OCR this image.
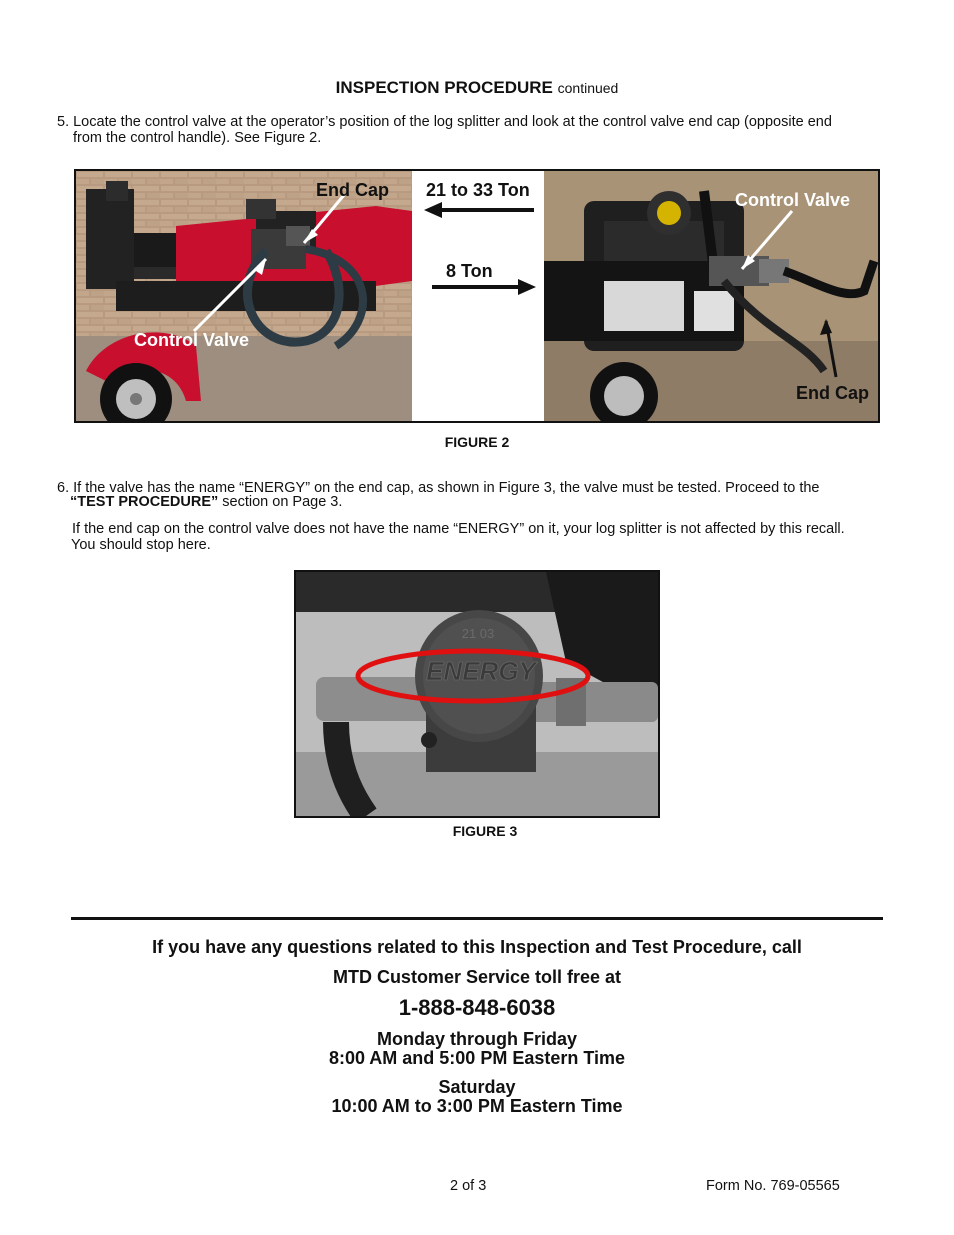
INSPECTION PROCEDURE continued
5. Locate the control valve at the operator’s position of the log splitter and look at the control valve end cap (opposite end
from the control handle). See Figure 2.
End Cap
Control Valve
21 to 33 Ton
8 Ton
Control Valve
End Cap
FIGURE 2
6. If the valve has the name “ENERGY” on the end cap, as shown in Figure 3, the valve must be tested. Proceed to the
“TEST PROCEDURE” section on Page 3.
If the end cap on the control valve does not have the name “ENERGY” on it, your log splitter is not affected by this recall.
You should stop here.
ENERGY
21 03
FIGURE 3
If you have any questions related to this Inspection and Test Procedure, call
MTD Customer Service toll free at
1-888-848-6038
Monday through Friday
8:00 AM and 5:00 PM Eastern Time
Saturday
10:00 AM to 3:00 PM Eastern Time
2 of 3	Form No. 769-05565
